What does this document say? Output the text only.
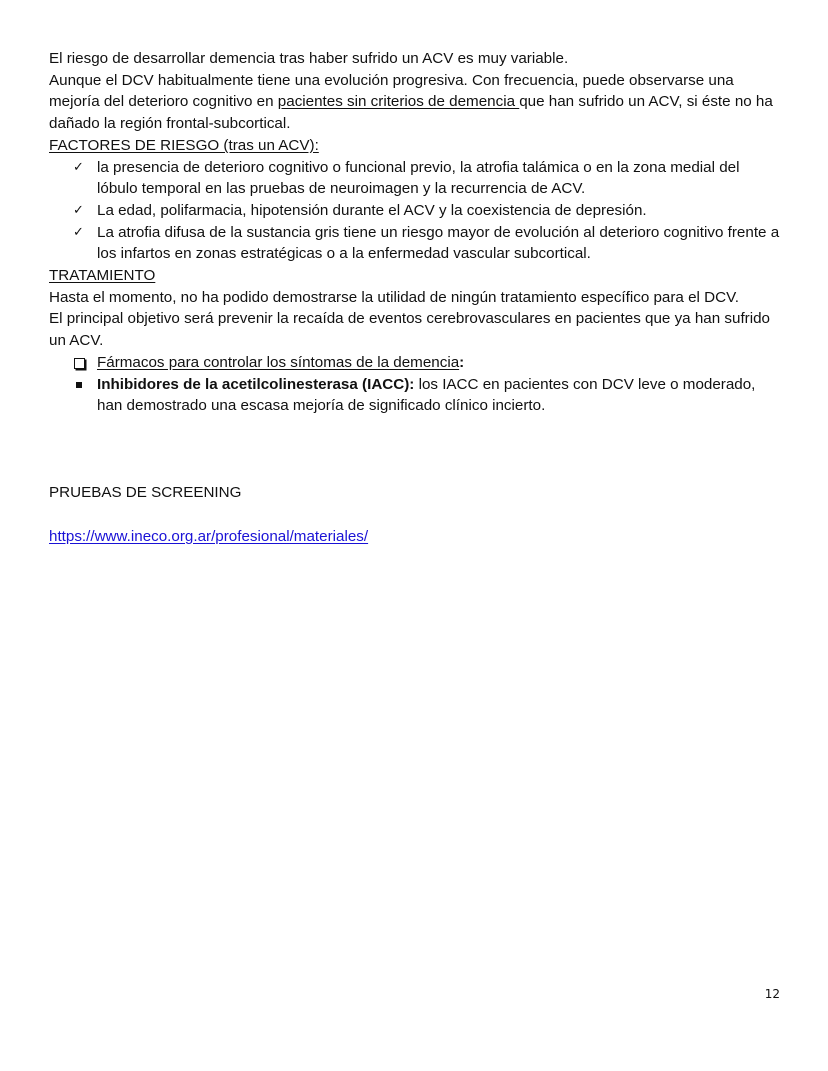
El riesgo de desarrollar demencia tras haber sufrido un ACV es muy variable.

Aunque el DCV habitualmente tiene una evolución progresiva. Con frecuencia, puede observarse una mejoría del deterioro cognitivo en pacientes sin criterios de demencia que han sufrido un ACV, si éste no ha dañado la región frontal-subcortical.

FACTORES DE RIESGO (tras un ACV):

✓ la presencia de deterioro cognitivo o funcional previo, la atrofia talámica o en la zona medial del lóbulo temporal en las pruebas de neuroimagen y la recurrencia de ACV.
✓ La edad, polifarmacia, hipotensión durante el ACV y la coexistencia de depresión.
✓ La atrofia difusa de la sustancia gris tiene un riesgo mayor de evolución al deterioro cognitivo frente a los infartos en zonas estratégicas o a la enfermedad vascular subcortical.

TRATAMIENTO

Hasta el momento, no ha podido demostrarse la utilidad de ningún tratamiento específico para el DCV.

El principal objetivo será prevenir la recaída de eventos cerebrovasculares en pacientes que ya han sufrido un ACV.

Fármacos para controlar los síntomas de la demencia:
Inhibidores de la acetilcolinesterasa (IACC): los IACC en pacientes con DCV leve o moderado, han demostrado una escasa mejoría de significado clínico incierto.

PRUEBAS DE SCREENING

https://www.ineco.org.ar/profesional/materiales/

12
